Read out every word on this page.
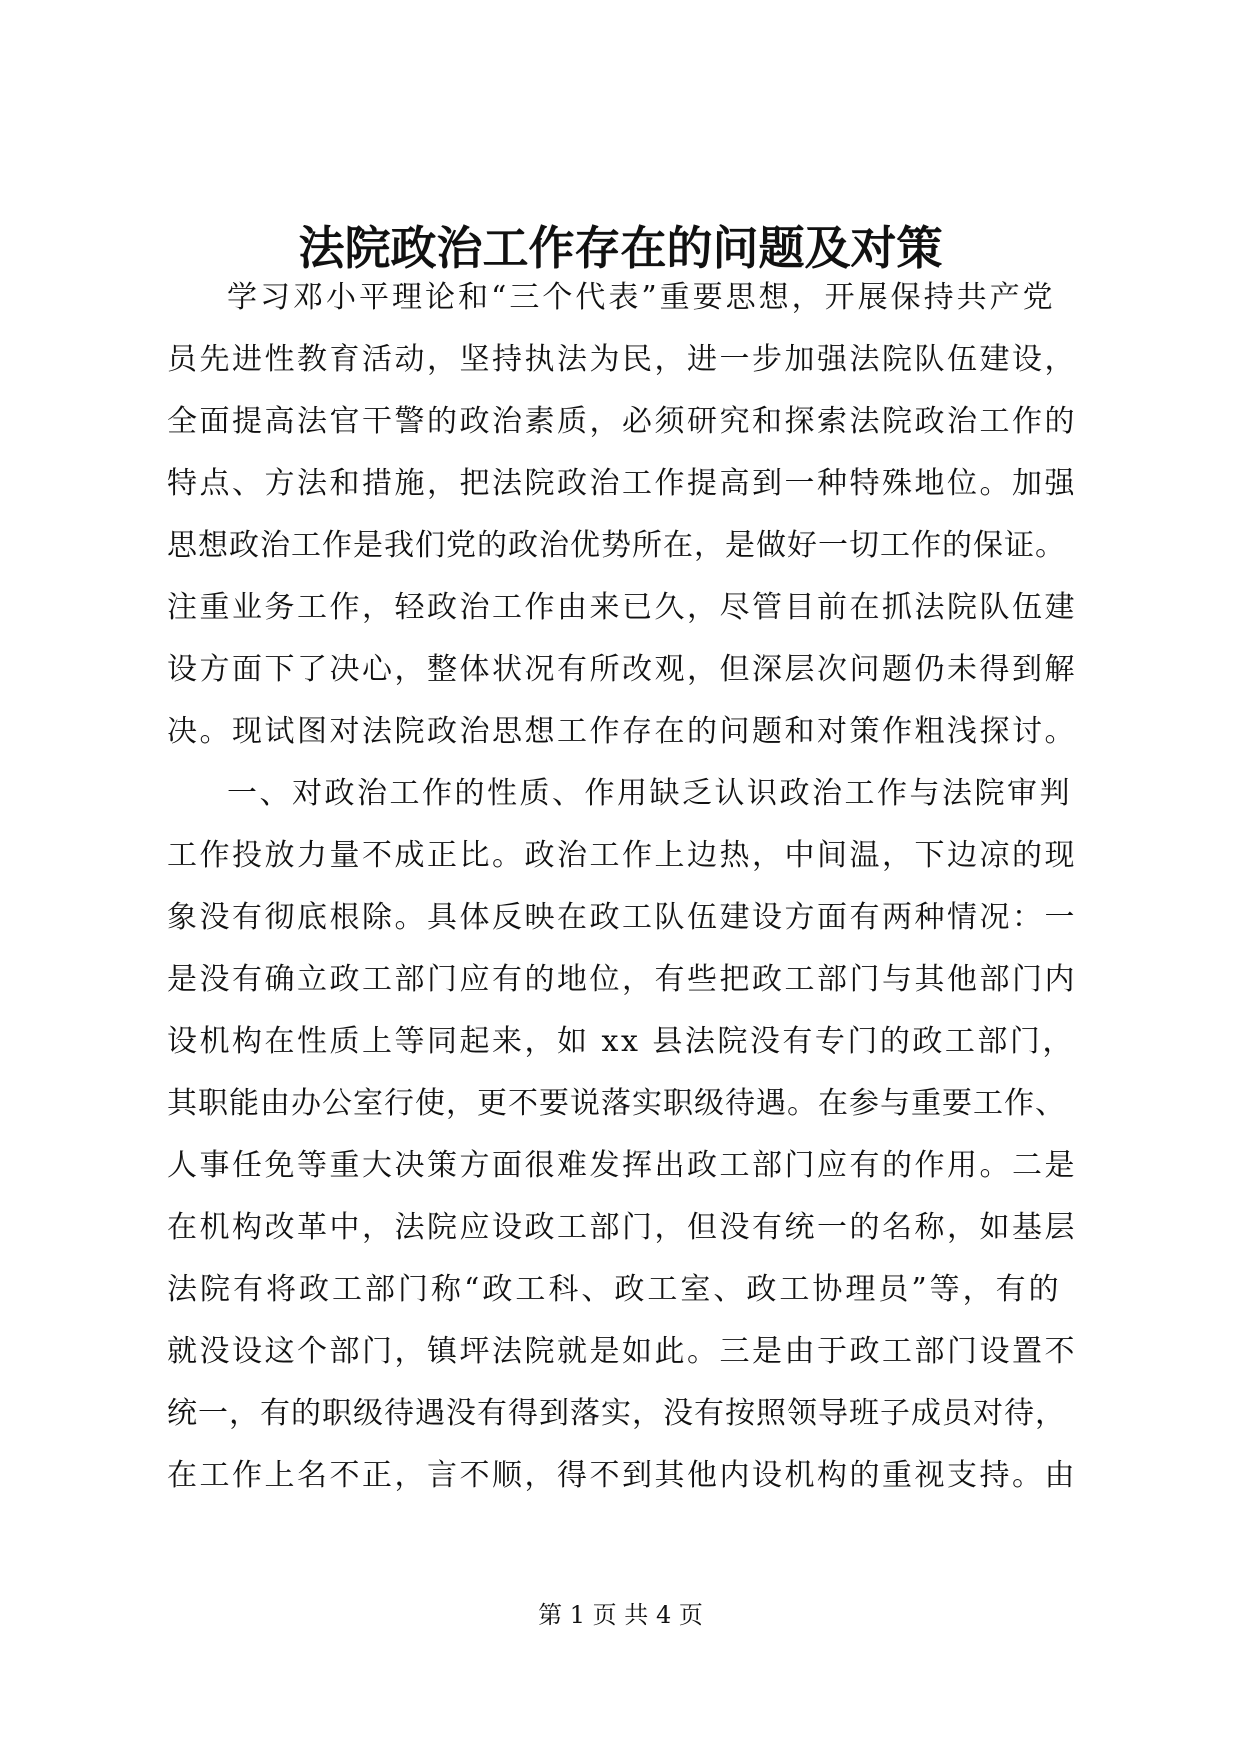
法院政治工作存在的问题及对策
学习邓小平理论和“三个代表”重要思想，开展保持共产党
员先进性教育活动，坚持执法为民，进一步加强法院队伍建设，
全面提高法官干警的政治素质，必须研究和探索法院政治工作的
特点、方法和措施，把法院政治工作提高到一种特殊地位。加强
思想政治工作是我们党的政治优势所在，是做好一切工作的保证。
注重业务工作，轻政治工作由来已久，尽管目前在抓法院队伍建
设方面下了决心，整体状况有所改观，但深层次问题仍未得到解
决。现试图对法院政治思想工作存在的问题和对策作粗浅探讨。
一、对政治工作的性质、作用缺乏认识政治工作与法院审判
工作投放力量不成正比。政治工作上边热，中间温，下边凉的现
象没有彻底根除。具体反映在政工队伍建设方面有两种情况：一
是没有确立政工部门应有的地位，有些把政工部门与其他部门内
设机构在性质上等同起来，如 xx 县法院没有专门的政工部门，
其职能由办公室行使，更不要说落实职级待遇。在参与重要工作、
人事任免等重大决策方面很难发挥出政工部门应有的作用。二是
在机构改革中，法院应设政工部门，但没有统一的名称，如基层
法院有将政工部门称“政工科、政工室、政工协理员”等，有的
就没设这个部门，镇坪法院就是如此。三是由于政工部门设置不
统一，有的职级待遇没有得到落实，没有按照领导班子成员对待，
在工作上名不正，言不顺，得不到其他内设机构的重视支持。由
第 1 页 共 4 页
